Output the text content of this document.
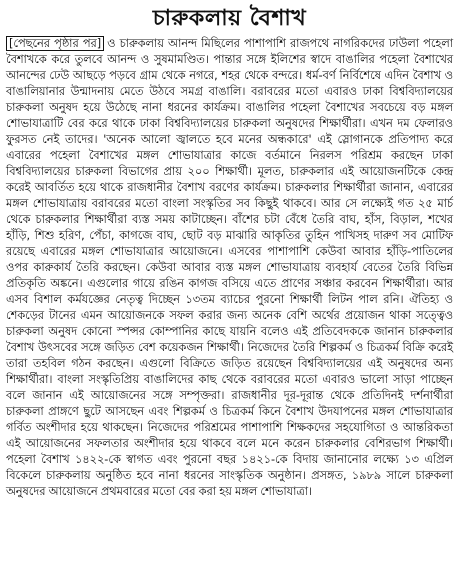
চারুকলায় বৈশাখ

[পেছনের পৃষ্ঠার পর] ও চারুকলায় আনন্দ মিছিলের পাশাপাশি রাজপথে নাগরিকদের ঢাউলা পহেলা বৈশাখকে করে তুলবে আনন্দ ও সুষমামণ্ডিত। পান্তার সঙ্গে ইলিশের স্বাদে বাঙালির পহেলা বৈশাখের আনন্দের ঢেউ আছড়ে পড়বে গ্রাম থেকে নগরে, শহর থেকে বন্দরে। ধর্ম-বর্ণ নির্বিশেষে এদিন বৈশাখ ও বাঙালিয়ানার উন্মাদনায় মেতে উঠবে সমগ্র বাঙালি। বরাবরের মতো এবারও ঢাকা বিশ্ববিদ্যালয়ের চারুকলা অনুষদ হয়ে উঠেছে নানা ধরনের কার্যক্রম। বাঙালির পহেলা বৈশাখের সবচেয়ে বড় মঙ্গল শোভাযাত্রাটি বের করে থাকে ঢাকা বিশ্ববিদ্যালয়ের চারুকলা অনুষদের শিক্ষার্থীরা। এখন দম ফেলারও ফুরসত নেই তাদের। 'অনেক আলো জ্বালতে হবে মনের অন্ধকারে' এই স্লোগানকে প্রতিপাদ্য করে এবারের পহেলা বৈশাখের মঙ্গল শোভাযাত্রার কাজে বর্তমানে নিরলস পরিশ্রম করছেন ঢাকা বিশ্ববিদ্যালয়ের চারুকলা বিভাগের প্রায় ২০০ শিক্ষার্থী। মূলত, চারুকলার এই আয়োজনটিকে কেন্দ্র করেই আবর্তিত হয়ে থাকে রাজধানীর বৈশাখ বরণের কার্যক্রম। চারুকলার শিক্ষার্থীরা জানান, এবারের মঙ্গল শোভাযাত্রায় বরাবরের মতো বাংলা সংস্কৃতির সব কিছুই থাকবে। আর সে লক্ষ্যেই গত ২৫ মার্চ থেকে চারুকলার শিক্ষার্থীরা ব্যস্ত সময় কাটাচ্ছেন। বাঁশের চটা বেঁধে তৈরি বাঘ, হাঁস, বিড়াল, শখের হাঁড়ি, শিশু হরিণ, পেঁচা, কাগজে বাঘ, ছোট বড় মাঝারি আকৃতির তুহিন পাখিসহ দারুণ সব মোটিফ রয়েছে এবারের মঙ্গল শোভাযাত্রার আয়োজনে। এসবের পাশাপাশি কেউবা আবার হাঁড়ি-পাতিলের ওপর কারুকার্য তৈরি করছেন। কেউবা আবার ব্যস্ত মঙ্গল শোভাযাত্রায় ব্যবহার্য বেতের তৈরি বিভিন্ন প্রতিকৃতি অঙ্কনে। এগুলোর গায়ে রঙিন কাগজ বসিয়ে এতে প্রাণের সঞ্চার করবেন শিক্ষার্থীরা। আর এসব বিশাল কর্মযজ্ঞের নেতৃত্ব দিচ্ছেন ১৩তম ব্যাচের পুরনো শিক্ষার্থী লিটন পাল রনি। ঐতিহ্য ও শেকড়ের টানের এমন আয়োজনকে সফল করার জন্য অনেক বেশি অর্থের প্রয়োজন থাকা সত্ত্বেও চারুকলা অনুষদ কোনো স্পন্সর কোম্পানির কাছে যায়নি বলেও এই প্রতিবেদককে জানান চারুকলার বৈশাখ উৎসবের সঙ্গে জড়িত বেশ কয়েকজন শিক্ষার্থী। নিজেদের তৈরি শিল্পকর্ম ও চিত্রকর্ম বিক্রি করেই তারা তহবিল গঠন করছেন। এগুলো বিক্রিতে জড়িত রয়েছেন বিশ্ববিদ্যালয়ের এই অনুষদের অন্য শিক্ষার্থীরা। বাংলা সংস্কৃতিপ্রিয় বাঙালিদের কাছ থেকে বরাবরের মতো এবারও ভালো সাড়া পাচ্ছেন বলে জানান এই আয়োজনের সঙ্গে সম্পৃক্তরা। রাজধানীর দূর-দূরান্ত থেকে প্রতিদিনই দর্শনার্থীরা চারুকলা প্রাঙ্গণে ছুটে আসছেন এবং শিল্পকর্ম ও চিত্রকর্ম কিনে বৈশাখ উদযাপনের মঙ্গল শোভাযাত্রার গর্বিত অংশীদার হয়ে থাকছেন। নিজেদের পরিশ্রমের পাশাপাশি শিক্ষকদের সহযোগিতা ও আন্তরিকতা এই আয়োজনের সফলতার অংশীদার হয়ে থাকবে বলে মনে করেন চারুকলার বেশিরভাগ শিক্ষার্থী। পহেলা বৈশাখ ১৪২২-কে স্বাগত এবং পুরনো বছর ১৪২১-কে বিদায় জানানোর লক্ষ্যে ১৩ এপ্রিল বিকেলে চারুকলায় অনুষ্ঠিত হবে নানা ধরনের সাংস্কৃতিক অনুষ্ঠান। প্রসঙ্গত, ১৯৮৯ সালে চারুকলা অনুষদের আয়োজনে প্রথমবারের মতো বের করা হয় মঙ্গল শোভাযাত্রা।
